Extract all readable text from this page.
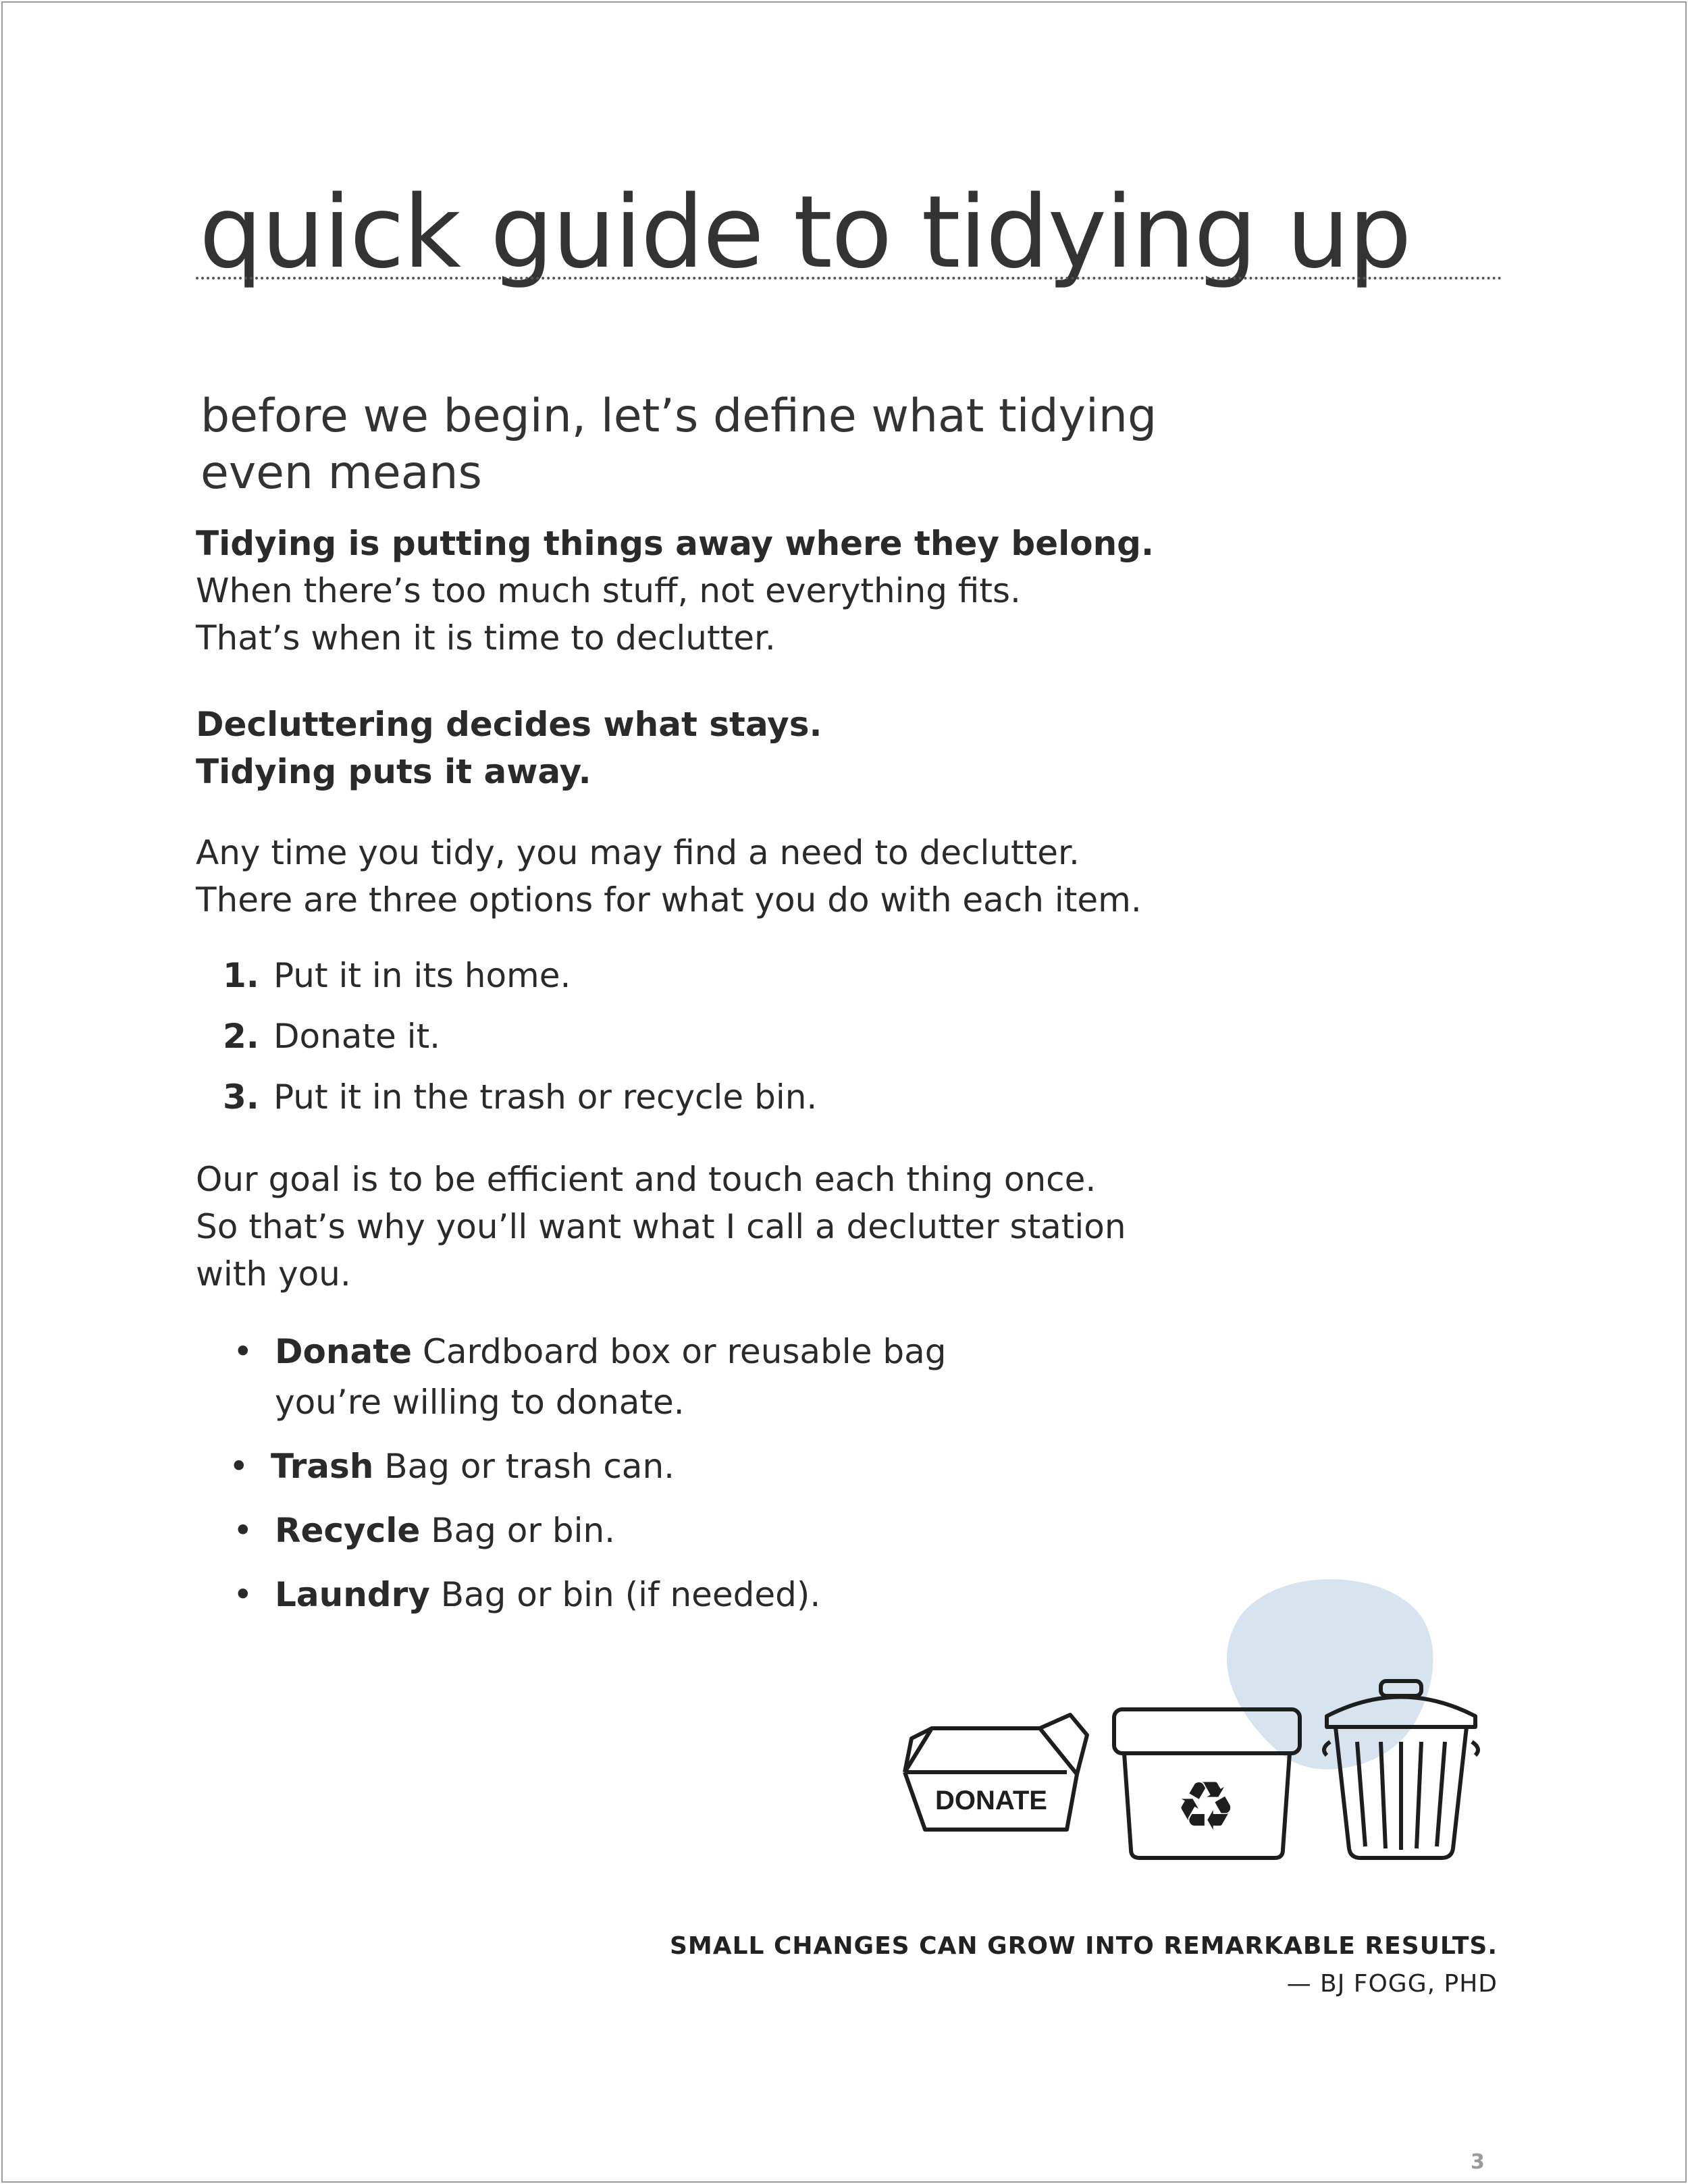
quick guide to tidying up
before we begin, let’s define what tidying
even means
Tidying is putting things away where they belong.
When there’s too much stuff, not everything fits.
That’s when it is time to declutter.
Decluttering decides what stays.
Tidying puts it away.
Any time you tidy, you may find a need to declutter.
There are three options for what you do with each item.
1. Put it in its home.
2. Donate it.
3. Put it in the trash or recycle bin.
Our goal is to be efficient and touch each thing once.
So that’s why you’ll want what I call a declutter station
with you.
• Donate Cardboard box or reusable bag
you’re willing to donate.
• Trash Bag or trash can.
• Recycle Bag or bin.
• Laundry Bag or bin (if needed).
DONATE ♻
SMALL CHANGES CAN GROW INTO REMARKABLE RESULTS.
— BJ FOGG, PHD
3
